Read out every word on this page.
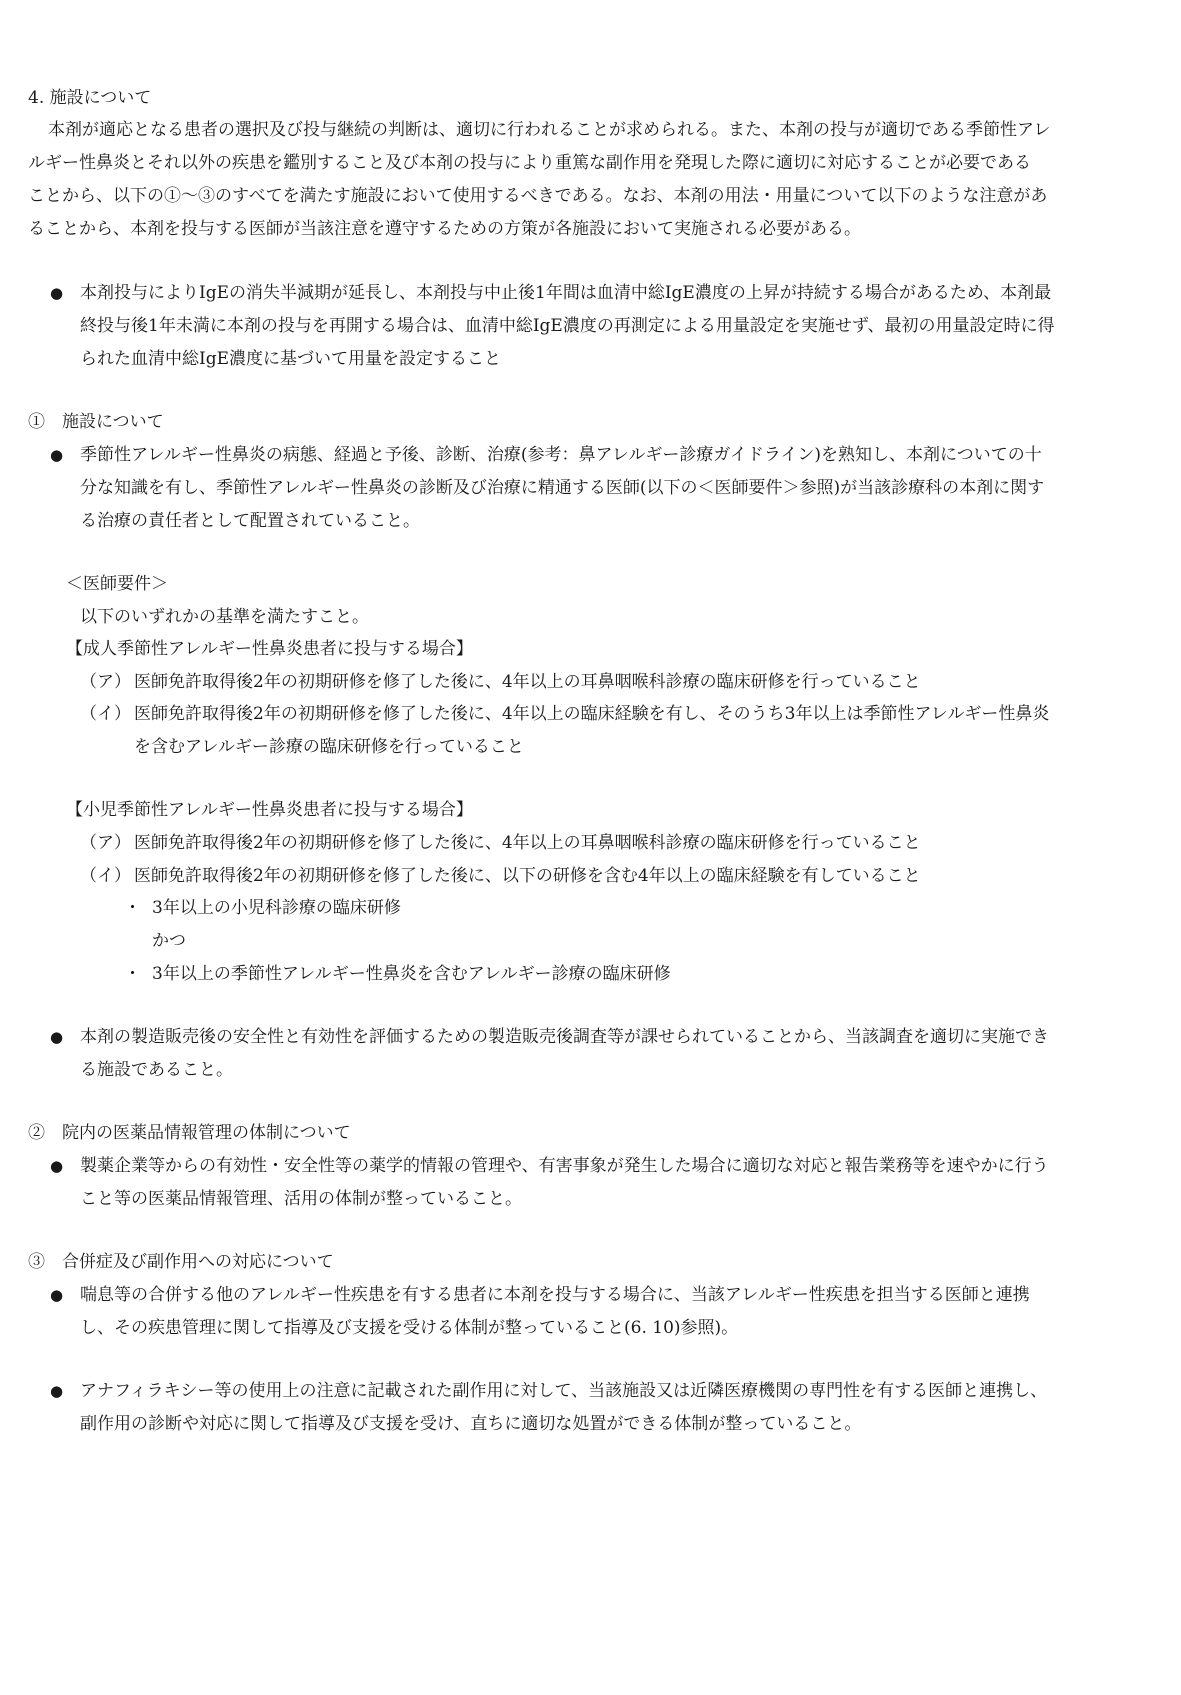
4. 施設について
本剤が適応となる患者の選択及び投与継続の判断は、適切に行われることが求められる。また、本剤の投与が適切である季節性アレ
ルギー性鼻炎とそれ以外の疾患を鑑別すること及び本剤の投与により重篤な副作用を発現した際に適切に対応することが必要である
ことから、以下の①～③のすべてを満たす施設において使用するべきである。なお、本剤の用法・用量について以下のような注意があ
ることから、本剤を投与する医師が当該注意を遵守するための方策が各施設において実施される必要がある。
● 本剤投与によりIgEの消失半減期が延長し、本剤投与中止後1年間は血清中総IgE濃度の上昇が持続する場合があるため、本剤最
終投与後1年未満に本剤の投与を再開する場合は、血清中総IgE濃度の再測定による用量設定を実施せず、最初の用量設定時に得
られた血清中総IgE濃度に基づいて用量を設定すること
①　施設について
● 季節性アレルギー性鼻炎の病態、経過と予後、診断、治療(参考：鼻アレルギー診療ガイドライン)を熟知し、本剤についての十
分な知識を有し、季節性アレルギー性鼻炎の診断及び治療に精通する医師(以下の＜医師要件＞参照)が当該診療科の本剤に関す
る治療の責任者として配置されていること。
＜医師要件＞
以下のいずれかの基準を満たすこと。
【成人季節性アレルギー性鼻炎患者に投与する場合】
（ア） 医師免許取得後2年の初期研修を修了した後に、4年以上の耳鼻咽喉科診療の臨床研修を行っていること
（イ） 医師免許取得後2年の初期研修を修了した後に、4年以上の臨床経験を有し、そのうち3年以上は季節性アレルギー性鼻炎
を含むアレルギー診療の臨床研修を行っていること
【小児季節性アレルギー性鼻炎患者に投与する場合】
（ア） 医師免許取得後2年の初期研修を修了した後に、4年以上の耳鼻咽喉科診療の臨床研修を行っていること
（イ） 医師免許取得後2年の初期研修を修了した後に、以下の研修を含む4年以上の臨床経験を有していること
・ 3年以上の小児科診療の臨床研修
かつ
・ 3年以上の季節性アレルギー性鼻炎を含むアレルギー診療の臨床研修
● 本剤の製造販売後の安全性と有効性を評価するための製造販売後調査等が課せられていることから、当該調査を適切に実施でき
る施設であること。
②　院内の医薬品情報管理の体制について
● 製薬企業等からの有効性・安全性等の薬学的情報の管理や、有害事象が発生した場合に適切な対応と報告業務等を速やかに行う
こと等の医薬品情報管理、活用の体制が整っていること。
③　合併症及び副作用への対応について
● 喘息等の合併する他のアレルギー性疾患を有する患者に本剤を投与する場合に、当該アレルギー性疾患を担当する医師と連携
し、その疾患管理に関して指導及び支援を受ける体制が整っていること(6. 10)参照)。
● アナフィラキシー等の使用上の注意に記載された副作用に対して、当該施設又は近隣医療機関の専門性を有する医師と連携し、
副作用の診断や対応に関して指導及び支援を受け、直ちに適切な処置ができる体制が整っていること。
